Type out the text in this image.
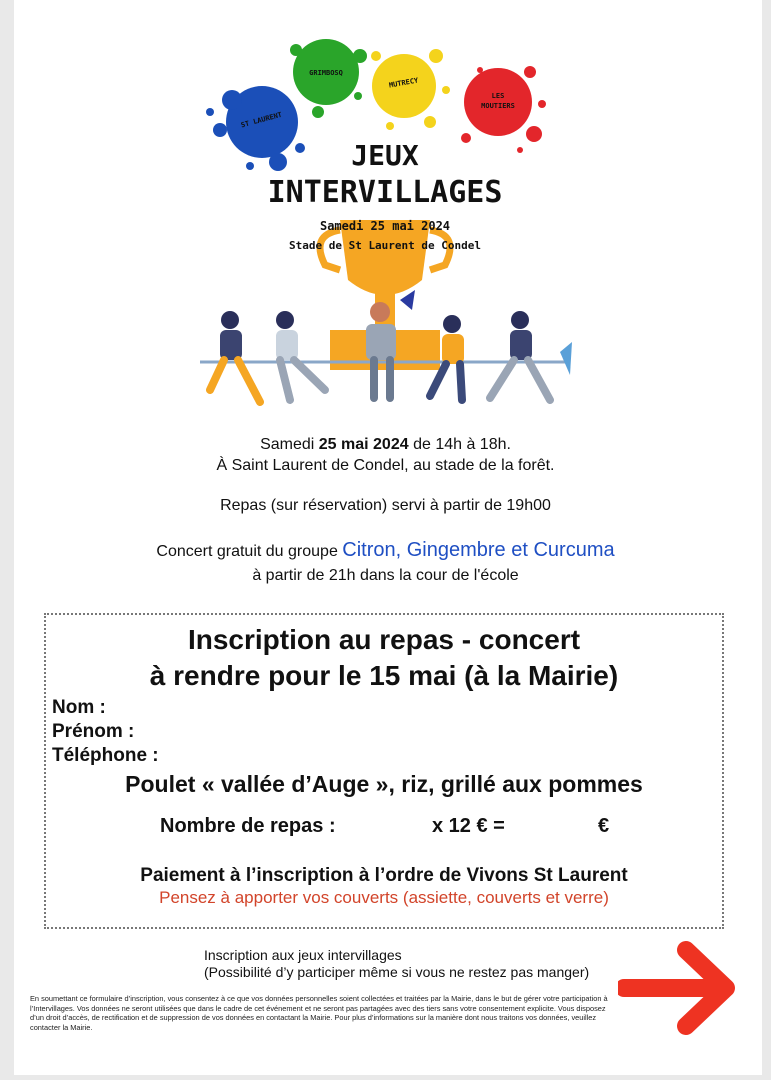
ST LAURENT
GRIMBOSQ
MUTRECY
LES
MOUTIERS
JEUX
INTERVILLAGES
Samedi 25 mai 2024
Stade de St Laurent de Condel
Samedi 25 mai 2024 de 14h à 18h.
À Saint Laurent de Condel, au stade de la forêt.
Repas (sur réservation) servi à partir de 19h00
Concert gratuit du groupe Citron, Gingembre et Curcuma
à partir de 21h dans la cour de l'école
Inscription au repas - concert
à rendre pour le 15 mai (à la Mairie)
Nom :
Prénom :
Téléphone :
Poulet « vallée d’Auge », riz, grillé aux pommes
Nombre de repas :	x 12 € =	€
Paiement à l’inscription à l’ordre de Vivons St Laurent
Pensez à apporter vos couverts (assiette, couverts et verre)
Inscription aux jeux intervillages
(Possibilité d’y participer même si vous ne restez pas manger)
En soumettant ce formulaire d’inscription, vous consentez à ce que vos données personnelles soient collectées et traitées par la Mairie, dans le but de gérer votre participation à l’Intervillages. Vos données ne seront utilisées que dans le cadre de cet événement et ne seront pas partagées avec des tiers sans votre consentement explicite. Vous disposez d’un droit d’accès, de rectification et de suppression de vos données en contactant la Mairie. Pour plus d’informations sur la manière dont nous traitons vos données, veuillez contacter la Mairie.
